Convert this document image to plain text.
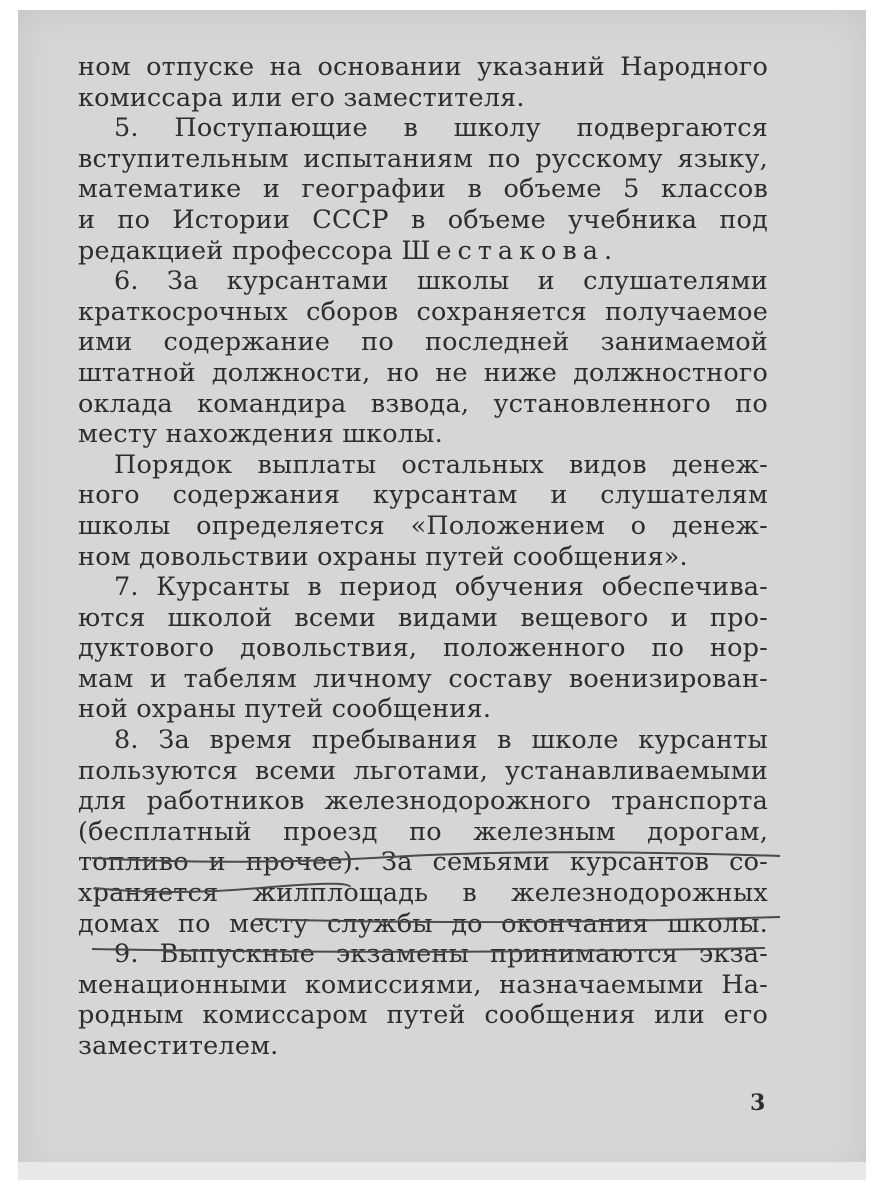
ном отпуске на основании указаний Народного
комиссара или его заместителя.
5. Поступающие в школу подвергаются
вступительным испытаниям по русскому языку,
математике и географии в объеме 5 классов
и по Истории СССР в объеме учебника под
редакцией профессора Шестакова.
6. За курсантами школы и слушателями
краткосрочных сборов сохраняется получаемое
ими содержание по последней занимаемой
штатной должности, но не ниже должностного
оклада командира взвода, установленного по
месту нахождения школы.
Порядок выплаты остальных видов денеж-
ного содержания курсантам и слушателям
школы определяется «Положением о денеж-
ном довольствии охраны путей сообщения».
7. Курсанты в период обучения обеспечива-
ются школой всеми видами вещевого и про-
дуктового довольствия, положенного по нор-
мам и табелям личному составу военизирован-
ной охраны путей сообщения.
8. За время пребывания в школе курсанты
пользуются всеми льготами, устанавливаемыми
для работников железнодорожного транспорта
(бесплатный проезд по железным дорогам,
топливо и прочее). За семьями курсантов со-
храняется жилплощадь в железнодорожных
домах по месту службы до окончания школы.
9. Выпускные экзамены принимаются экза-
менационными комиссиями, назначаемыми На-
родным комиссаром путей сообщения или его
заместителем.
3
